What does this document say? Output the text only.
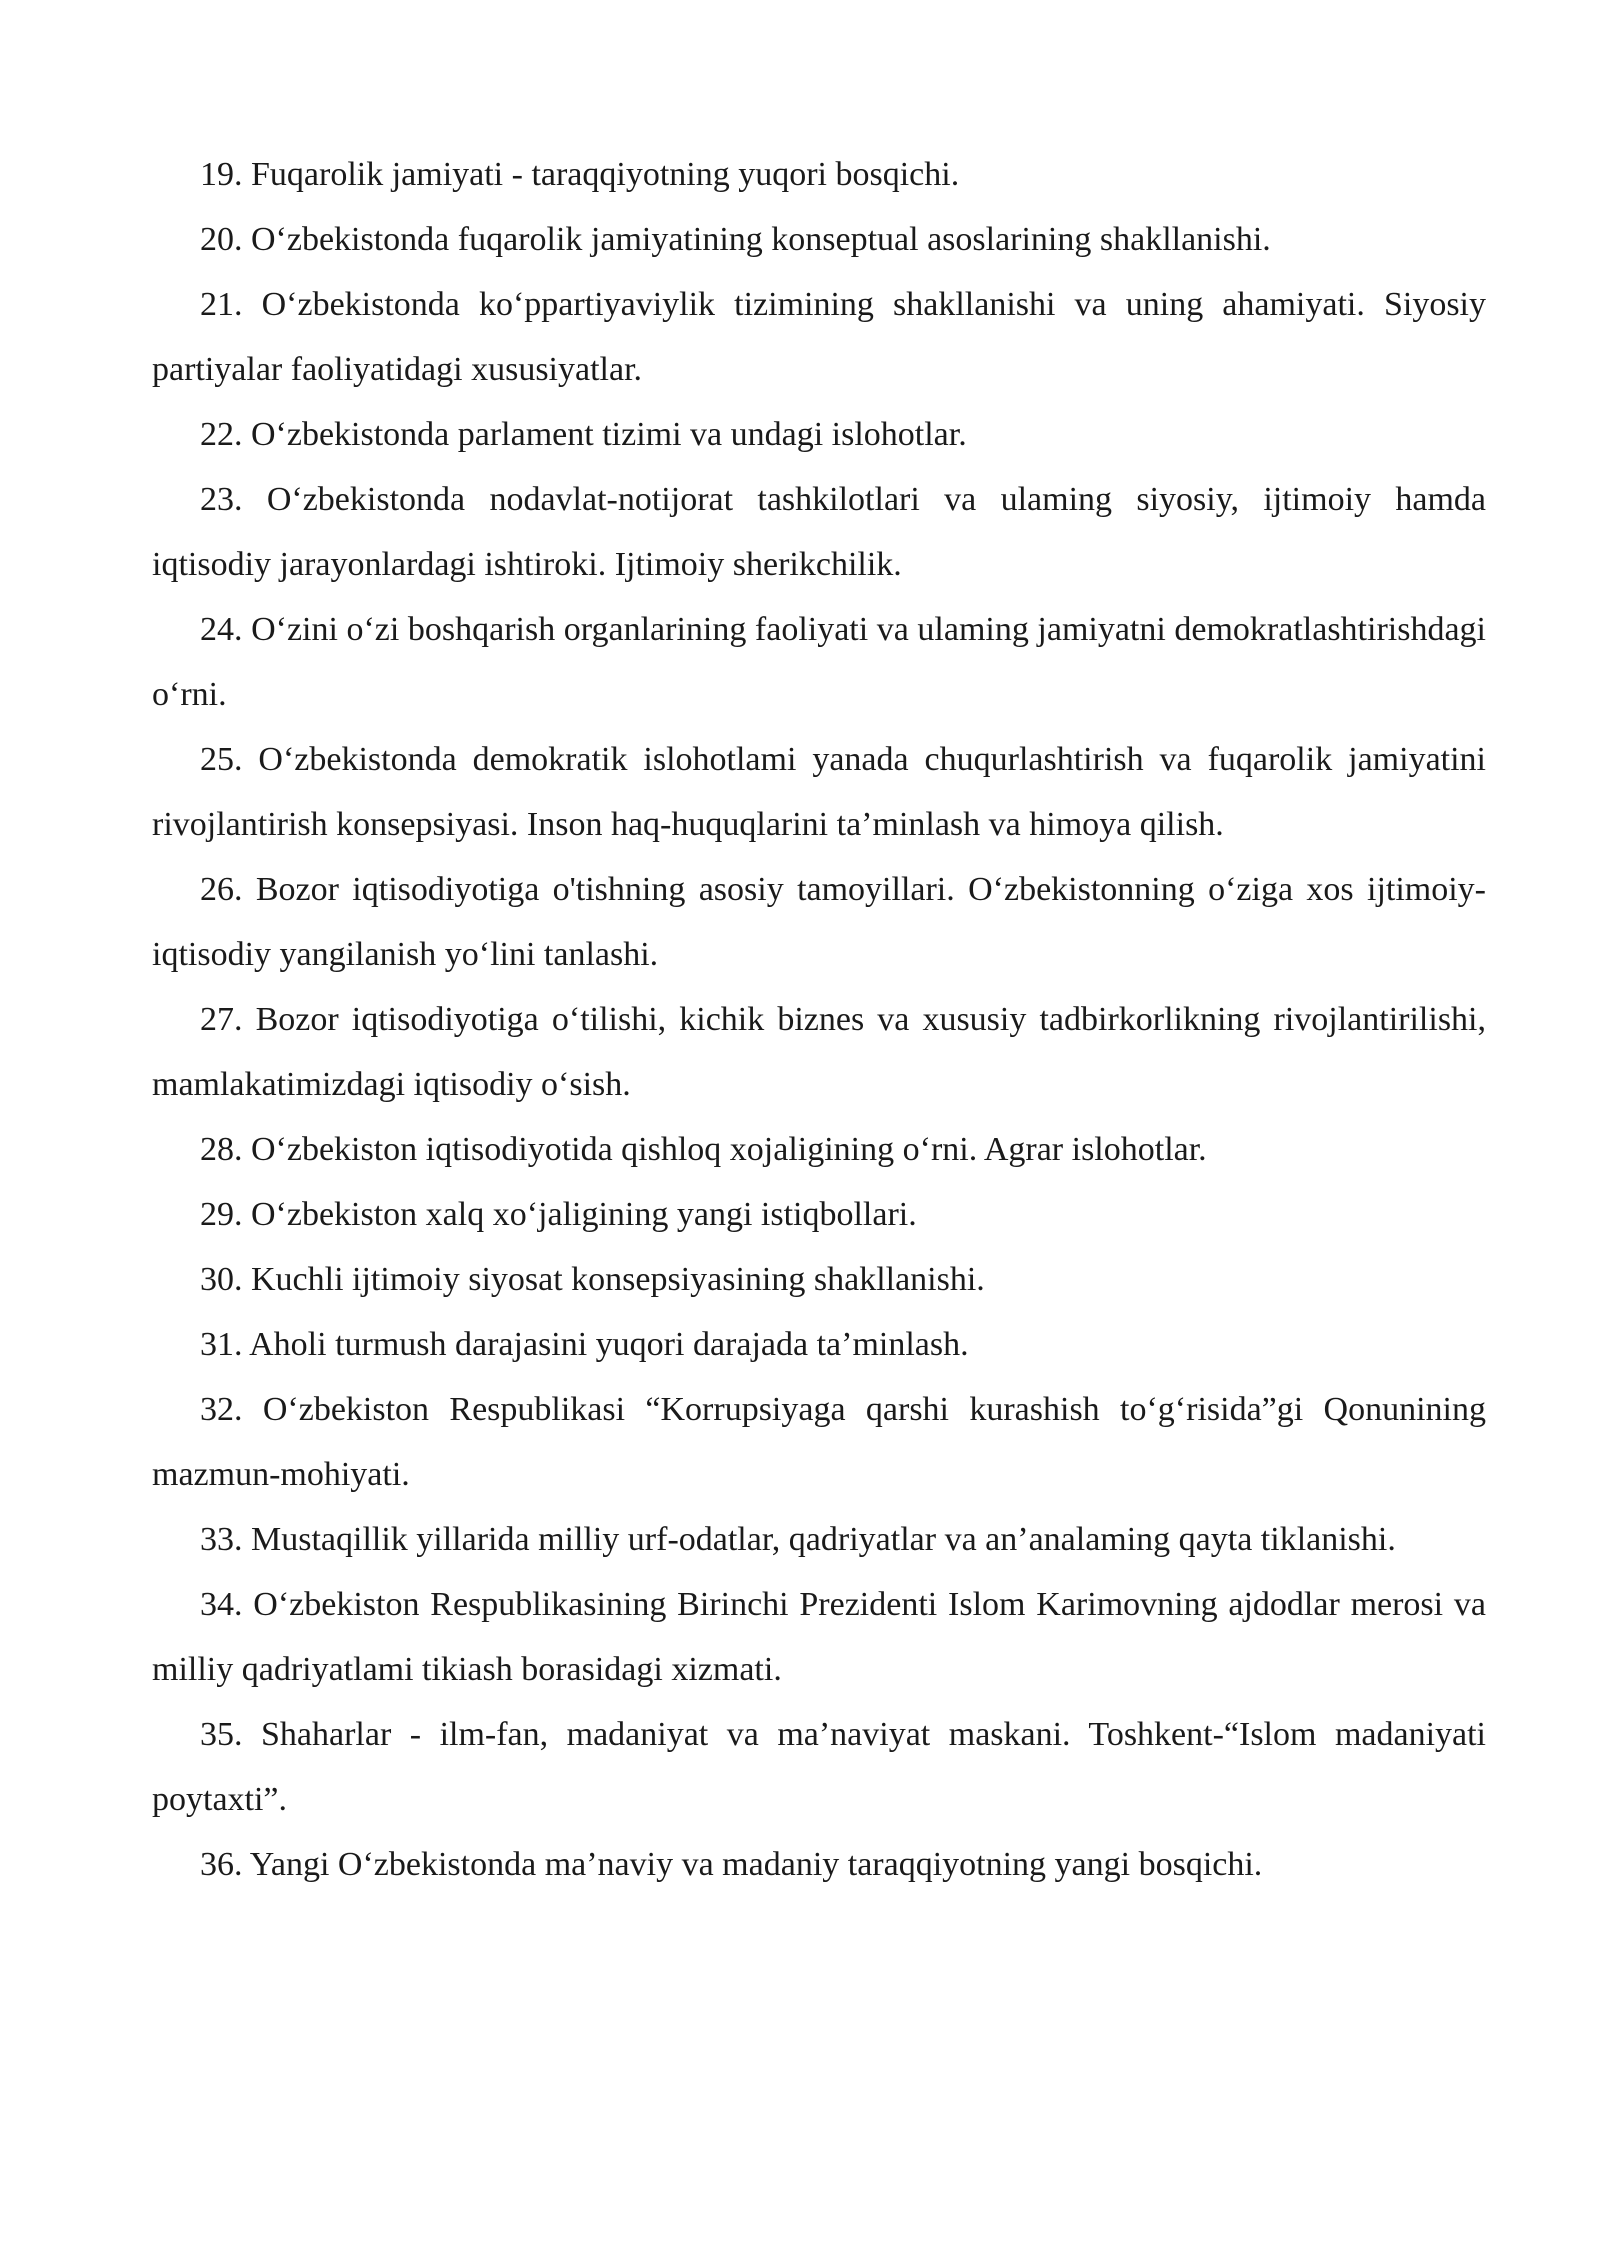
19. Fuqarolik jamiyati - taraqqiyotning yuqori bosqichi.

20. O‘zbekistonda fuqarolik jamiyatining konseptual asoslarining shakllanishi.

21. O‘zbekistonda ko‘ppartiyaviylik tizimining shakllanishi va uning ahamiyati. Siyosiy partiyalar faoliyatidagi xususiyatlar.

22. O‘zbekistonda parlament tizimi va undagi islohotlar.

23. O‘zbekistonda nodavlat-notijorat tashkilotlari va ulaming siyosiy, ijtimoiy hamda iqtisodiy jarayonlardagi ishtiroki. Ijtimoiy sherikchilik.

24. O‘zini o‘zi boshqarish organlarining faoliyati va ulaming jamiyatni demokratlashtirishdagi o‘rni.

25. O‘zbekistonda demokratik islohotlami yanada chuqurlashtirish va fuqarolik jamiyatini rivojlantirish konsepsiyasi. Inson haq-huquqlarini ta’minlash va himoya qilish.

26. Bozor iqtisodiyotiga o'tishning asosiy tamoyillari. O‘zbekistonning o‘ziga xos ijtimoiy-iqtisodiy yangilanish yo‘lini tanlashi.

27. Bozor iqtisodiyotiga o‘tilishi, kichik biznes va xususiy tadbirkorlikning rivojlantirilishi, mamlakatimizdagi iqtisodiy o‘sish.

28. O‘zbekiston iqtisodiyotida qishloq xojaligining o‘rni. Agrar islohotlar.

29. O‘zbekiston xalq xo‘jaligining yangi istiqbollari.

30. Kuchli ijtimoiy siyosat konsepsiyasining shakllanishi.

31. Aholi turmush darajasini yuqori darajada ta’minlash.

32. O‘zbekiston Respublikasi “Korrupsiyaga qarshi kurashish to‘g‘risida”gi Qonunining mazmun-mohiyati.

33. Mustaqillik yillarida milliy urf-odatlar, qadriyatlar va an’analaming qayta tiklanishi.

34. O‘zbekiston Respublikasining Birinchi Prezidenti Islom Karimovning ajdodlar merosi va milliy qadriyatlami tikiash borasidagi xizmati.

35. Shaharlar - ilm-fan, madaniyat va ma’naviyat maskani. Toshkent-“Islom madaniyati poytaxti”.

36. Yangi O‘zbekistonda ma’naviy va madaniy taraqqiyotning yangi bosqichi.
